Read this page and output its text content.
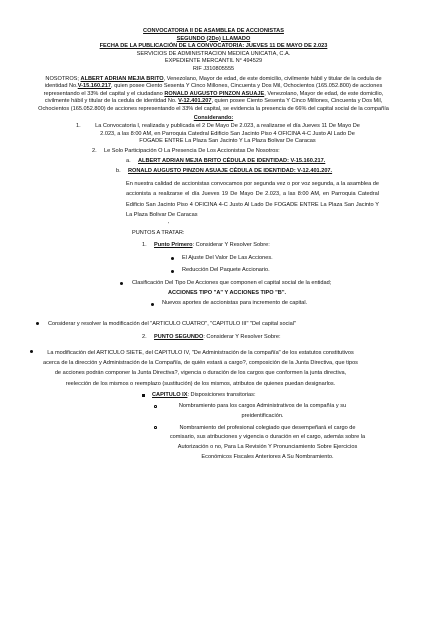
CONVOCATORIA II DE ASAMBLEA DE ACCIONISTAS
SEGUNDO (2Do) LLAMADO
FECHA DE LA PUBLICACIÓN DE LA CONVOCATORIA: JUEVES 11 DE MAYO DE 2.023
SERVICIOS DE ADMINISTRACION MEDICA UNICATIA, C.A.
EXPEDIENTE MERCANTIL N° 494529
RIF J310805555

NOSOTROS; ALBERT ADRIAN MEJIA BRITO, Venezolano, Mayor de edad, de este domicilio, civilmente hábil y titular de la cedula de identidad No.V-15.160.217, quien posee Ciento Sesenta Y Cinco Millones, Cincuenta y Dos Mil, Ochocientos (165.052.800) de acciones representando el 33% del capital y el ciudadano RONALD AUGUSTO PINZON ASUAJE, Venezolano, Mayor de edad, de este domicilio, civilmente hábil y titular de la cedula de identidad No. V-12.401.207, quien posee Ciento Sesenta Y Cinco Millones, Cincuenta y Dos Mil, Ochocientos (165.052.800) de acciones representando el 33% del capital, se evidencia la presencia de 66% del capital social de la compañía

Considerando:
1.	La Convocatoria I, realizada y publicada el 2 De Mayo De 2.023, a realizarse el día Jueves 11 De Mayo De 2.023, a las 8:00 AM, en Parroquia Catedral Edificio San Jacinto Piso 4 OFICINA 4-C Justo Al Lado De FOGADE ENTRE La Plaza San Jacinto Y La Plaza Bolivar De Caracas

2. Le Solo Participación O La Presencia De Los Accionistas De Nosotros:
a. ALBERT ADRIAN MEJIA BRITO CÉDULA DE IDENTIDAD: V-15.160.217.
b. RONALD AUGUSTO PINZON ASUAJE CÉDULA DE IDENTIDAD: V-12.401.207.

En nuestra calidad de accionistas convocamos por segunda vez o por voz segunda, a la asamblea de accionista a realizarse el día Jueves 19 De Mayo De 2.023, a las 8:00 AM, en Parroquia Catedral Edificio San Jacinto Piso 4 OFICINA 4-C Justo Al Lado De FOGADE ENTRE La Plaza San Jacinto Y La Plaza Bolivar De Caracas

'
PUNTOS A TRATAR:
1. Punto Primero: Considerar Y Resolver Sobre:
El Ajuste Del Valor De Las Acciones.
Reducción Del Paquete Accionario.
Clasificación Del Tipo De Acciones que componen el capital social de la entidad;
ACCIONES TIPO "A" Y ACCIONES TIPO "B".
Nuevos aportes de accionistas para incremento de capital.

Considerar y resolver la modificación del "ARTICULO CUATRO", "CAPITULO III" "Del capital social"

2. PUNTO SEGUNDO: Considerar Y Resolver Sobre:

La modificación del ARTICULO SIETE, del CAPITULO IV, "De Administración de la compañía" de los estatutos constitutivos acerca de la dirección y Administración de la Compañía, de quién estará a cargo?, composición de la Junta Directiva, que tipos de acciones podrán componer la Junta Directiva?, vigencia o duración de los cargos que conformen la junta directiva, reelección de los mismos o reemplazo (sustitución) de los mismos, atributos de quienes puedan designarlos.

CAPITULO IX: Disposiciones transitorias:

Nombramiento para los cargos Administrativos de la compañía y su preidentificación.

Nombramiento del profesional colegiado que desempeñará el cargo de comisario, sus atribuciones y vigencia o duración en el cargo, además sobre la Autorización o no, Para La Revisión Y Pronunciamiento Sobre Ejercicios Económicos Fiscales Anteriores A Su Nombramiento.
